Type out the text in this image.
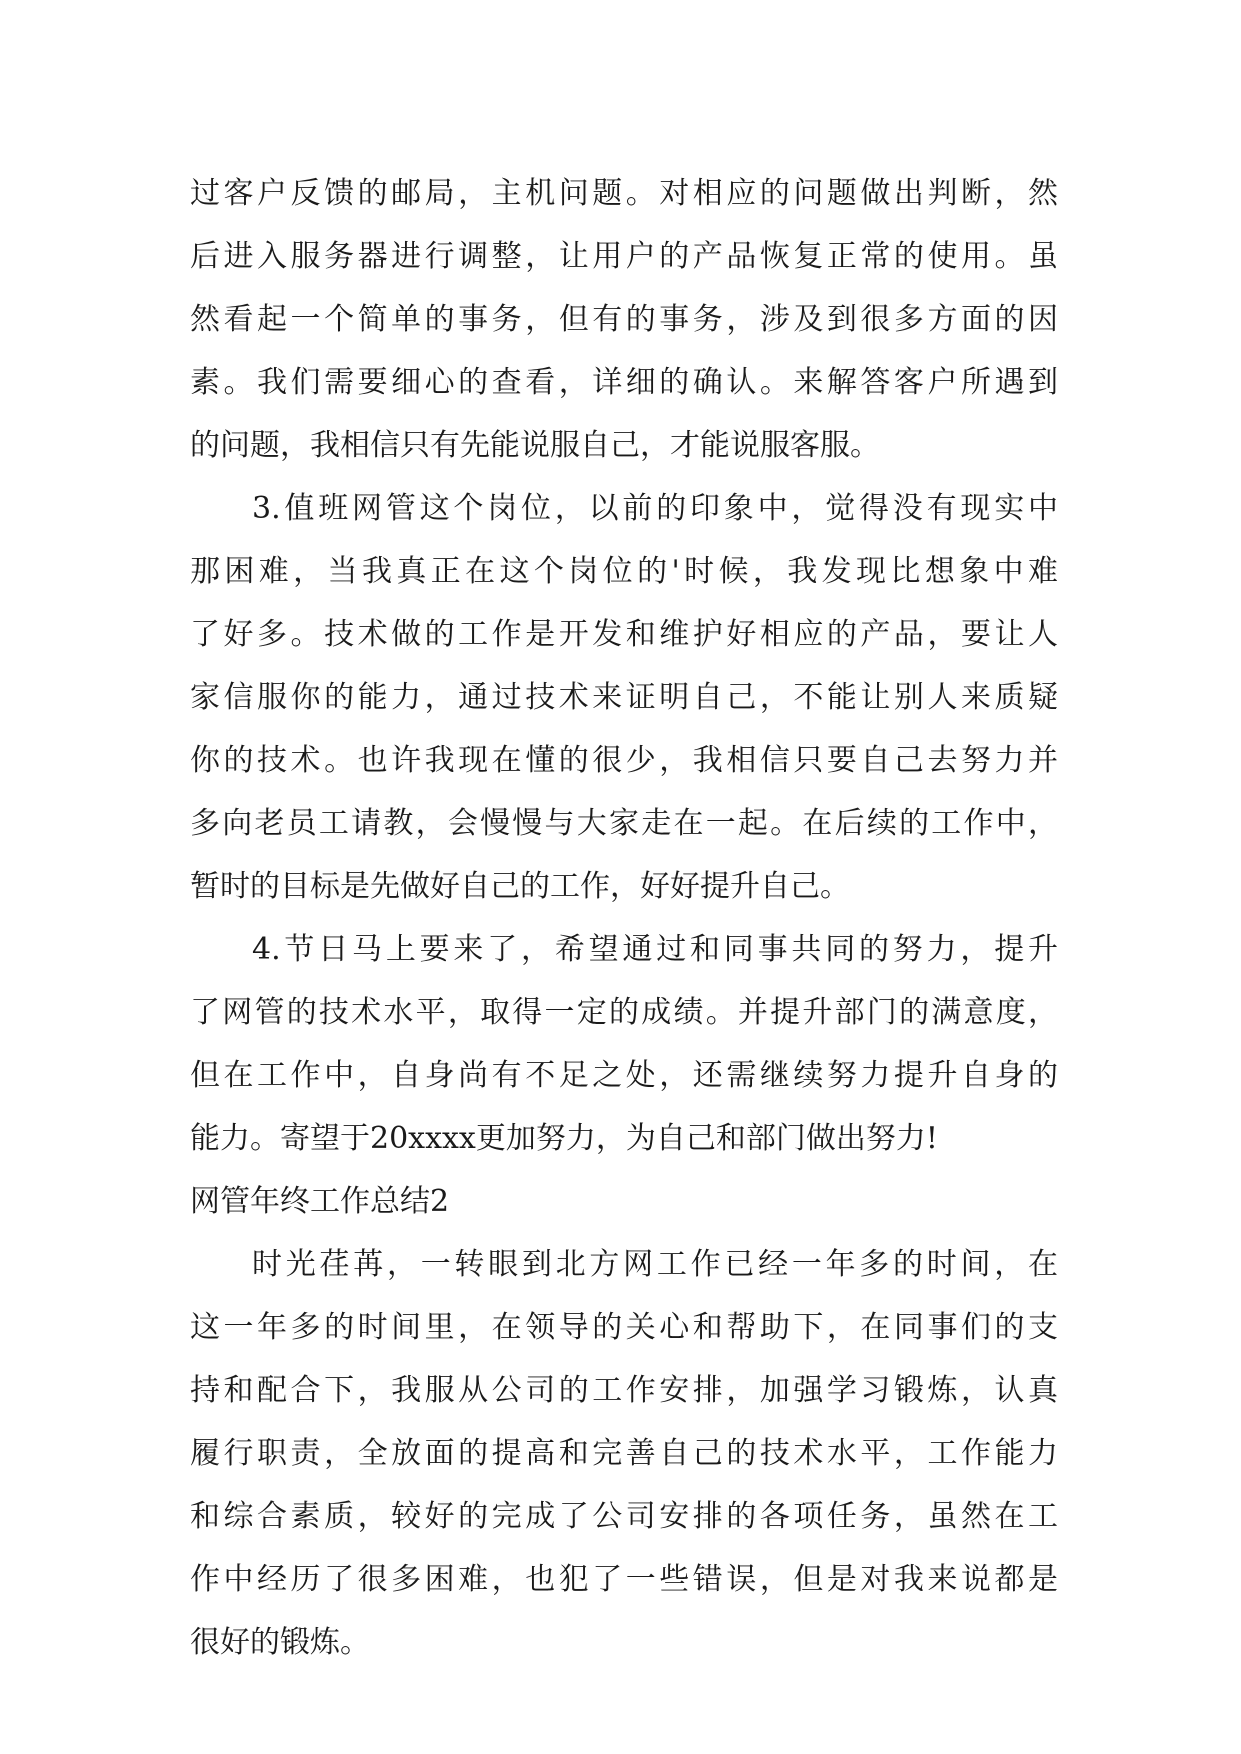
过客户反馈的邮局，主机问题。对相应的问题做出判断，然
后进入服务器进行调整，让用户的产品恢复正常的使用。虽
然看起一个简单的事务，但有的事务，涉及到很多方面的因
素。我们需要细心的查看，详细的确认。来解答客户所遇到
的问题，我相信只有先能说服自己，才能说服客服。
3.值班网管这个岗位，以前的印象中，觉得没有现实中
那困难，当我真正在这个岗位的'时候，我发现比想象中难
了好多。技术做的工作是开发和维护好相应的产品，要让人
家信服你的能力，通过技术来证明自己，不能让别人来质疑
你的技术。也许我现在懂的很少，我相信只要自己去努力并
多向老员工请教，会慢慢与大家走在一起。在后续的工作中，
暂时的目标是先做好自己的工作，好好提升自己。
4.节日马上要来了，希望通过和同事共同的努力，提升
了网管的技术水平，取得一定的成绩。并提升部门的满意度，
但在工作中，自身尚有不足之处，还需继续努力提升自身的
能力。寄望于20xxxx更加努力，为自己和部门做出努力!
网管年终工作总结2
时光荏苒，一转眼到北方网工作已经一年多的时间，在
这一年多的时间里，在领导的关心和帮助下，在同事们的支
持和配合下，我服从公司的工作安排，加强学习锻炼，认真
履行职责，全放面的提高和完善自己的技术水平，工作能力
和综合素质，较好的完成了公司安排的各项任务，虽然在工
作中经历了很多困难，也犯了一些错误，但是对我来说都是
很好的锻炼。
